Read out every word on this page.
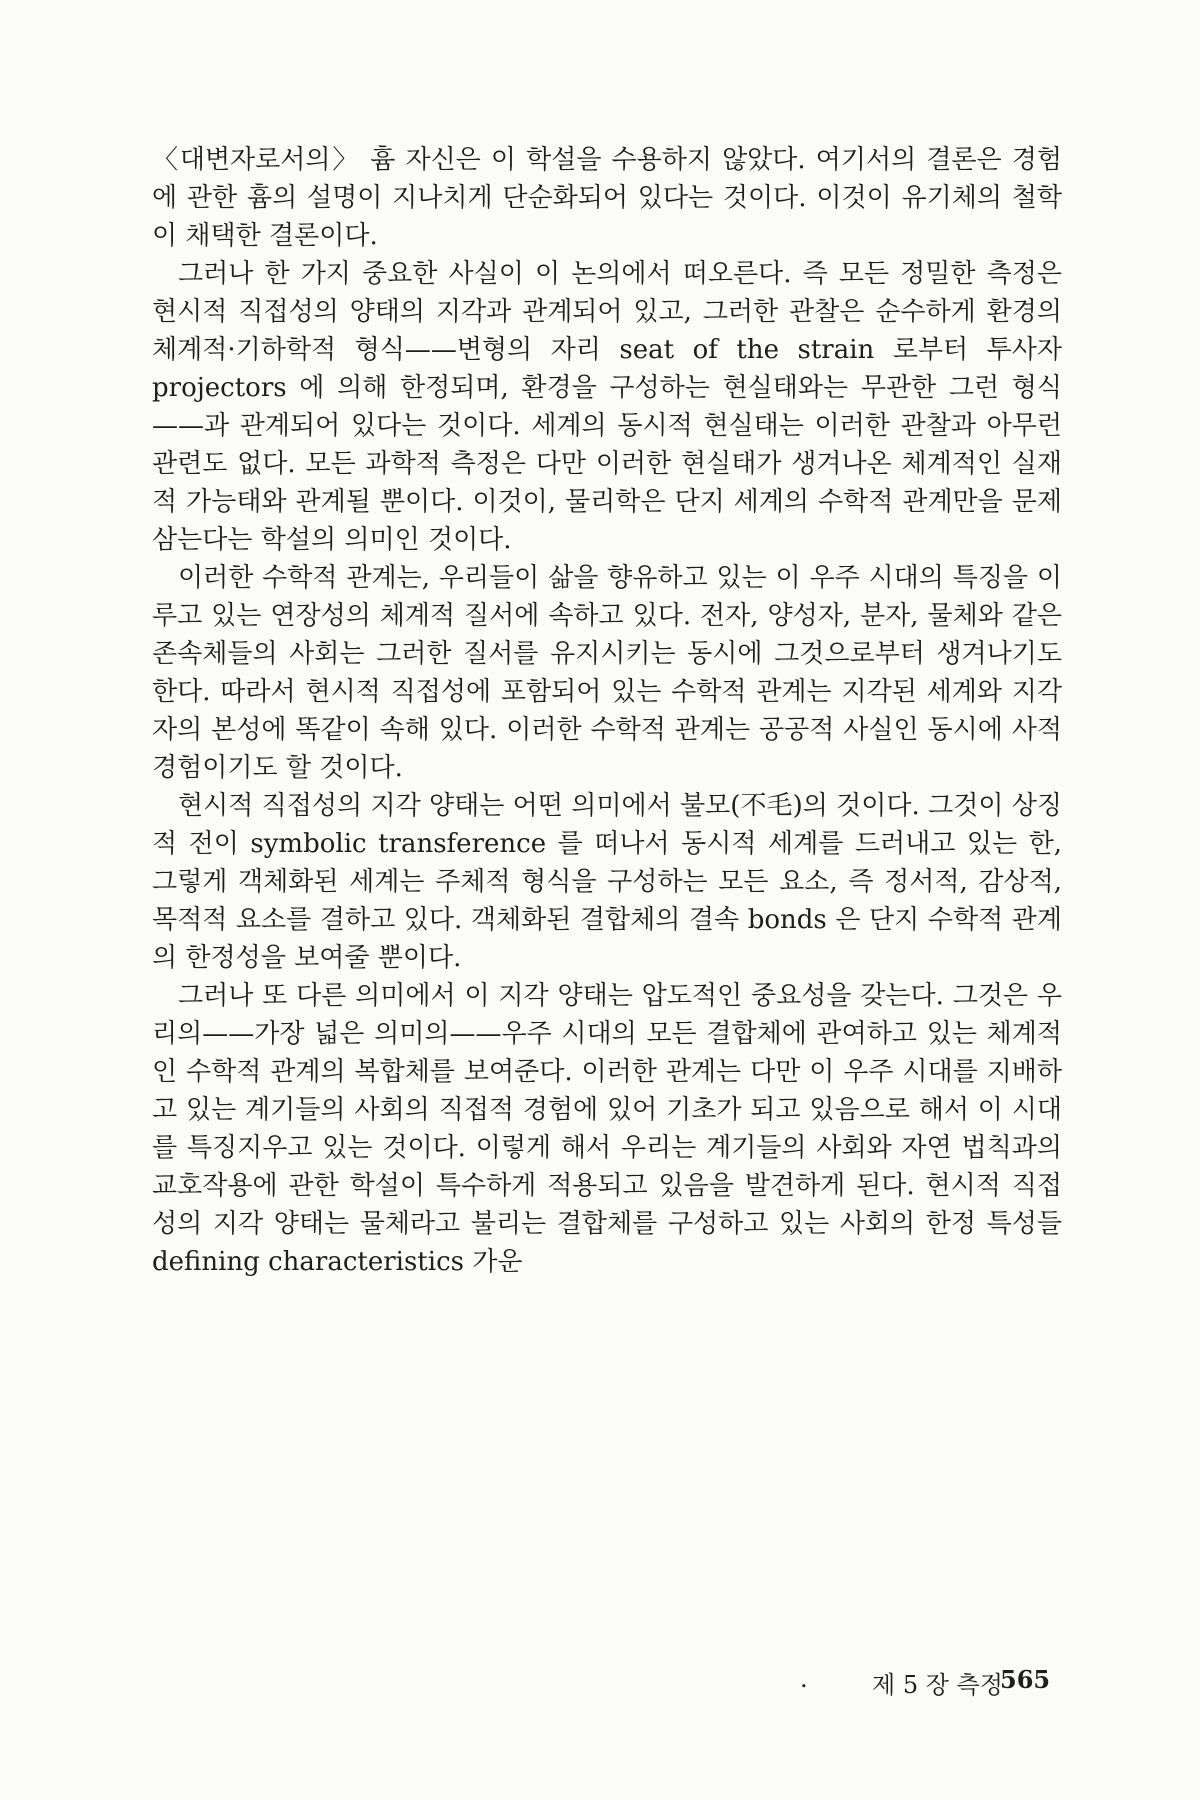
〈대변자로서의〉 흄 자신은 이 학설을 수용하지 않았다. 여기서의 결론은 경험에 관한 흄의 설명이 지나치게 단순화되어 있다는 것이다. 이것이 유기체의 철학이 채택한 결론이다.

그러나 한 가지 중요한 사실이 이 논의에서 떠오른다. 즉 모든 정밀한 측정은 현시적 직접성의 양태의 지각과 관계되어 있고, 그러한 관찰은 순수하게 환경의 체계적·기하학적 형식——변형의 자리 seat of the strain 로부터 투사자 projectors 에 의해 한정되며, 환경을 구성하는 현실태와는 무관한 그런 형식——과 관계되어 있다는 것이다. 세계의 동시적 현실태는 이러한 관찰과 아무런 관련도 없다. 모든 과학적 측정은 다만 이러한 현실태가 생겨나온 체계적인 실재적 가능태와 관계될 뿐이다. 이것이, 물리학은 단지 세계의 수학적 관계만을 문제삼는다는 학설의 의미인 것이다.

이러한 수학적 관계는, 우리들이 삶을 향유하고 있는 이 우주 시대의 특징을 이루고 있는 연장성의 체계적 질서에 속하고 있다. 전자, 양성자, 분자, 물체와 같은 존속체들의 사회는 그러한 질서를 유지시키는 동시에 그것으로부터 생겨나기도 한다. 따라서 현시적 직접성에 포함되어 있는 수학적 관계는 지각된 세계와 지각자의 본성에 똑같이 속해 있다. 이러한 수학적 관계는 공공적 사실인 동시에 사적 경험이기도 할 것이다.

현시적 직접성의 지각 양태는 어떤 의미에서 불모(不毛)의 것이다. 그것이 상징적 전이 symbolic transference 를 떠나서 동시적 세계를 드러내고 있는 한, 그렇게 객체화된 세계는 주체적 형식을 구성하는 모든 요소, 즉 정서적, 감상적, 목적적 요소를 결하고 있다. 객체화된 결합체의 결속 bonds 은 단지 수학적 관계의 한정성을 보여줄 뿐이다.

그러나 또 다른 의미에서 이 지각 양태는 압도적인 중요성을 갖는다. 그것은 우리의——가장 넓은 의미의——우주 시대의 모든 결합체에 관여하고 있는 체계적인 수학적 관계의 복합체를 보여준다. 이러한 관계는 다만 이 우주 시대를 지배하고 있는 계기들의 사회의 직접적 경험에 있어 기초가 되고 있음으로 해서 이 시대를 특징지우고 있는 것이다. 이렇게 해서 우리는 계기들의 사회와 자연 법칙과의 교호작용에 관한 학설이 특수하게 적용되고 있음을 발견하게 된다. 현시적 직접성의 지각 양태는 물체라고 불리는 결합체를 구성하고 있는 사회의 한정 특성들 defining characteristics 가운

.	제 5 장 측정
565
